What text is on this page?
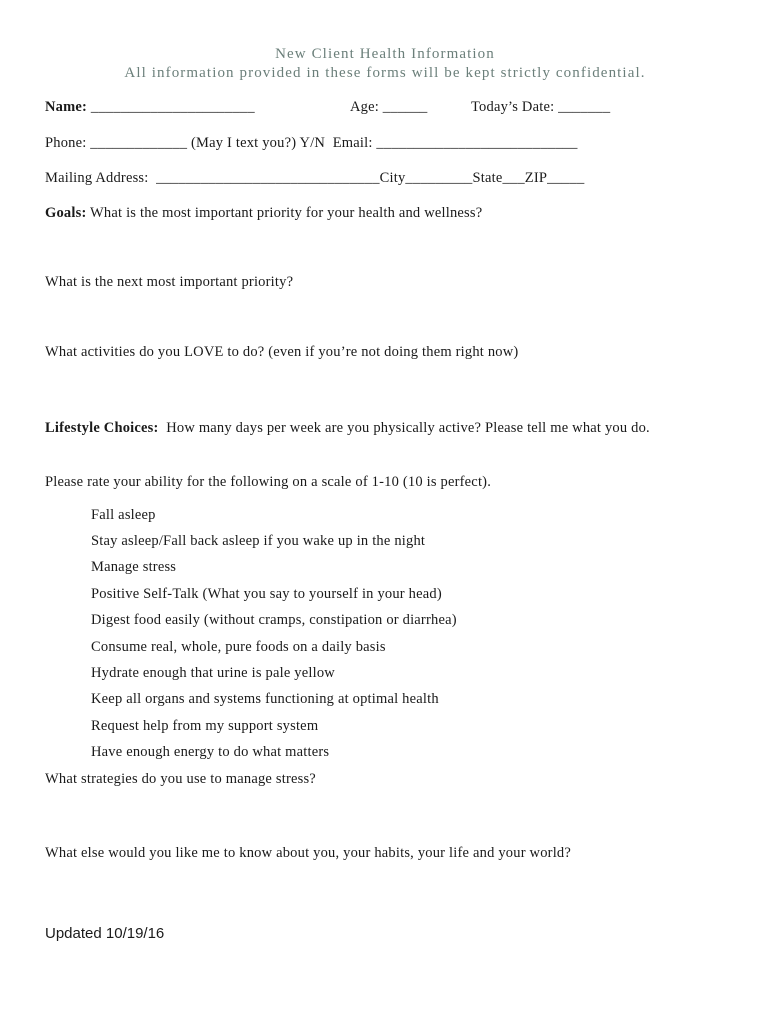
New Client Health Information
All information provided in these forms will be kept strictly confidential.
Name: ______________________	Age: ______	Today’s Date: _______
Phone: _____________ (May I text you?) Y/N  Email: ___________________________
Mailing Address:  ______________________________City_________State___ZIP_____
Goals: What is the most important priority for your health and wellness?
What is the next most important priority?
What activities do you LOVE to do? (even if you’re not doing them right now)
Lifestyle Choices:  How many days per week are you physically active? Please tell me what you do.
Please rate your ability for the following on a scale of 1-10 (10 is perfect).
Fall asleep
Stay asleep/Fall back asleep if you wake up in the night
Manage stress
Positive Self-Talk (What you say to yourself in your head)
Digest food easily (without cramps, constipation or diarrhea)
Consume real, whole, pure foods on a daily basis
Hydrate enough that urine is pale yellow
Keep all organs and systems functioning at optimal health
Request help from my support system
Have enough energy to do what matters
What strategies do you use to manage stress?
What else would you like me to know about you, your habits, your life and your world?
Updated 10/19/16
